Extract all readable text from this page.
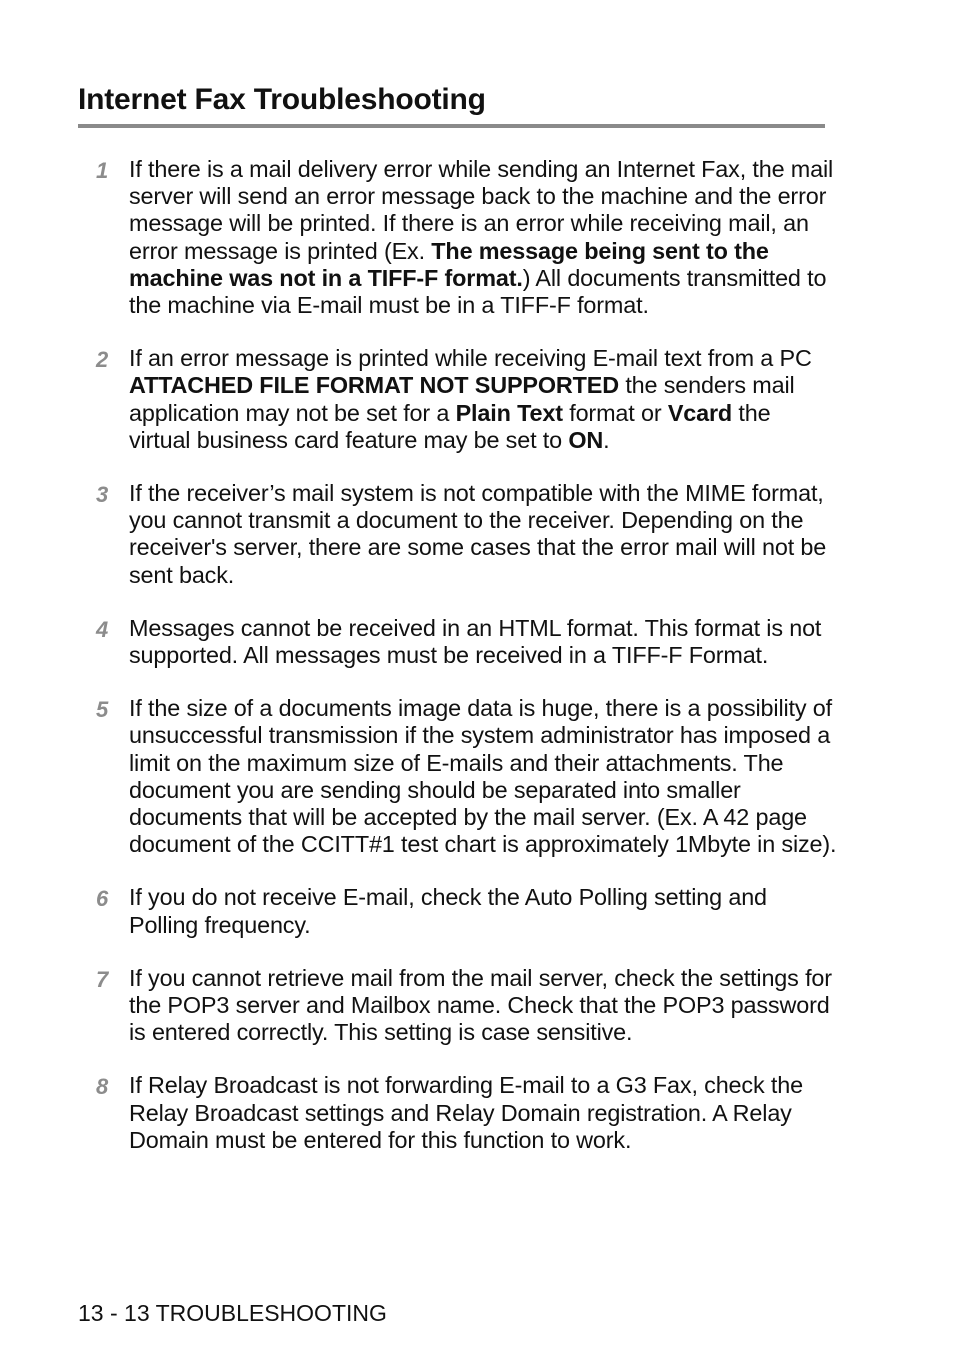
Internet Fax Troubleshooting
1 If there is a mail delivery error while sending an Internet Fax, the mail server will send an error message back to the machine and the error message will be printed. If there is an error while receiving mail, an error message is printed (Ex. The message being sent to the machine was not in a TIFF-F format.) All documents transmitted to the machine via E-mail must be in a TIFF-F format.

2 If an error message is printed while receiving E-mail text from a PC ATTACHED FILE FORMAT NOT SUPPORTED the senders mail application may not be set for a Plain Text format or Vcard the virtual business card feature may be set to ON.

3 If the receiver’s mail system is not compatible with the MIME format, you cannot transmit a document to the receiver. Depending on the receiver's server, there are some cases that the error mail will not be sent back.

4 Messages cannot be received in an HTML format. This format is not supported. All messages must be received in a TIFF-F Format.

5 If the size of a documents image data is huge, there is a possibility of unsuccessful transmission if the system administrator has imposed a limit on the maximum size of E-mails and their attachments. The document you are sending should be separated into smaller documents that will be accepted by the mail server. (Ex. A 42 page document of the CCITT#1 test chart is approximately 1Mbyte in size).

6 If you do not receive E-mail, check the Auto Polling setting and Polling frequency.

7 If you cannot retrieve mail from the mail server, check the settings for the POP3 server and Mailbox name. Check that the POP3 password is entered correctly. This setting is case sensitive.

8 If Relay Broadcast is not forwarding E-mail to a G3 Fax, check the Relay Broadcast settings and Relay Domain registration. A Relay Domain must be entered for this function to work.

13 - 13 TROUBLESHOOTING
